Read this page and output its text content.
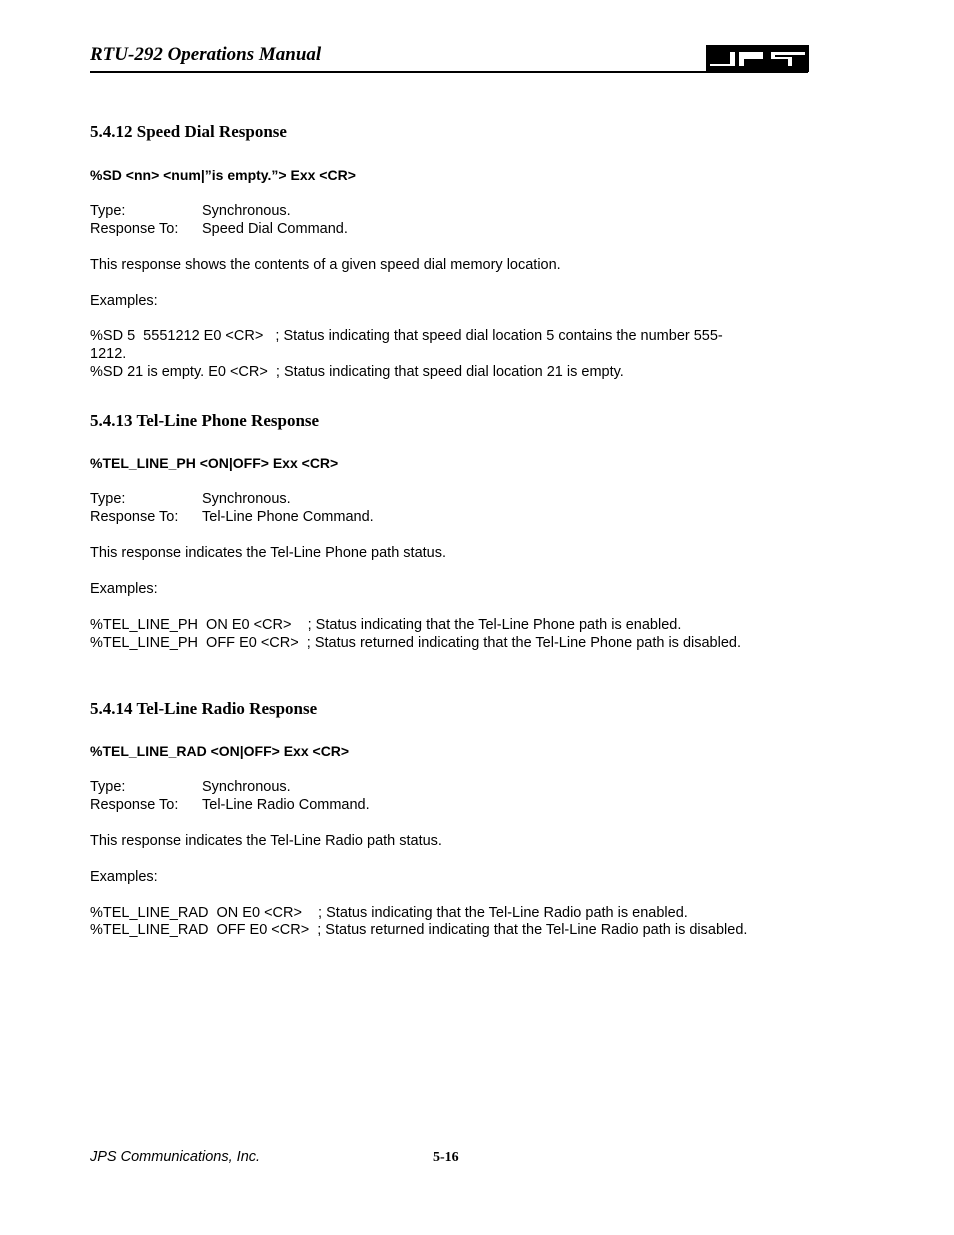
RTU-292 Operations Manual
5.4.12 Speed Dial Response
%SD <nn> <num|”is empty.”> Exx <CR>
Type:	Synchronous.
Response To: Speed Dial Command.
This response shows the contents of a given speed dial memory location.
Examples:
%SD 5  5551212 E0 <CR>   ; Status indicating that speed dial location 5 contains the number 555-
1212.
%SD 21 is empty. E0 <CR>  ; Status indicating that speed dial location 21 is empty.
5.4.13 Tel-Line Phone Response
%TEL_LINE_PH <ON|OFF> Exx <CR>
Type:	Synchronous.
Response To: Tel-Line Phone Command.
This response indicates the Tel-Line Phone path status.
Examples:
%TEL_LINE_PH  ON E0 <CR>    ; Status indicating that the Tel-Line Phone path is enabled.
%TEL_LINE_PH  OFF E0 <CR>  ; Status returned indicating that the Tel-Line Phone path is disabled.
5.4.14 Tel-Line Radio Response
%TEL_LINE_RAD <ON|OFF> Exx <CR>
Type:	Synchronous.
Response To: Tel-Line Radio Command.
This response indicates the Tel-Line Radio path status.
Examples:
%TEL_LINE_RAD  ON E0 <CR>    ; Status indicating that the Tel-Line Radio path is enabled.
%TEL_LINE_RAD  OFF E0 <CR>  ; Status returned indicating that the Tel-Line Radio path is disabled.
JPS Communications, Inc.	5-16
